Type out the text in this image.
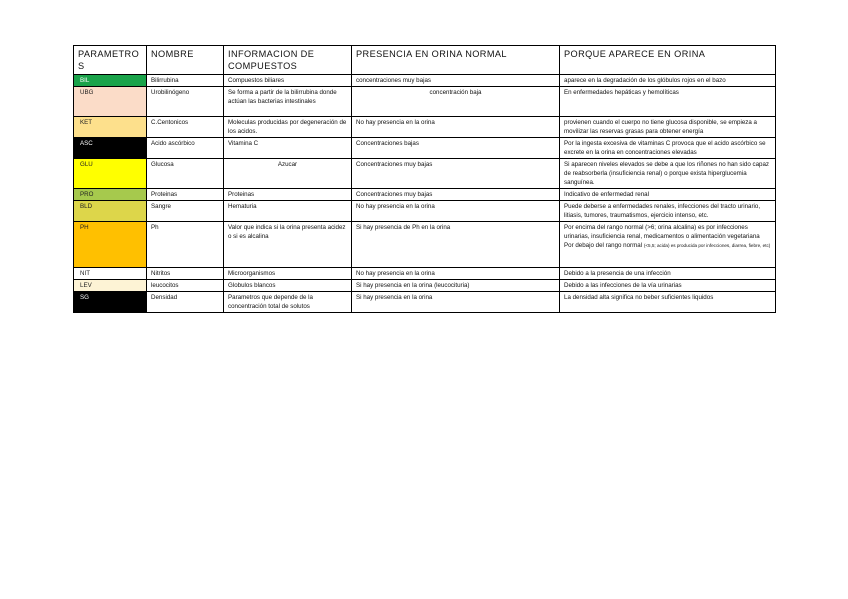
PARAMETROS	NOMBRE	INFORMACION DE COMPUESTOS	PRESENCIA EN ORINA NORMAL	PORQUE APARECE EN ORINA
BIL	Bilirrubina	Compuestos biliares	concentraciones muy bajas	aparece en la degradación de los glóbulos rojos en el bazo

UBG	Urobilinógeno	Se forma a partir de la bilirrubina donde actúan las bacterias intestinales	concentración baja	En enfermedades hepáticas y hemolíticas

KET	C.Centonicos	Moleculas producidas por degeneración de los acidos.	No hay presencia en la orina	provienen cuando el cuerpo no tiene glucosa disponible, se empieza a movilizar las reservas grasas para obtener energía

ASC	Acido ascórbico	Vitamina C	Concentraciones bajas	Por la ingesta excesiva de vitaminas C provoca que el acido ascórbico se excrete en la orina en concentraciones elevadas

GLU	Glucosa	Azucar	Concentraciones muy bajas	Si aparecen niveles elevados se debe a que los riñones no han sido capaz de reabsorberla (insuficiencia renal) o porque exista hiperglucemia sanguínea.

PRO	Proteinas	Proteinas	Concentraciones muy bajas	Indicativo de enfermedad renal

BLD	Sangre	Hematuria	No hay presencia en la orina	Puede deberse a enfermedades renales, infecciones del tracto urinario, litiasis, tumores, traumatismos, ejercicio intenso, etc.

PH	Ph	Valor que indica si la orina presenta acidez o si es alcalina	Si hay presencia de Ph en la orina	Por encima del rango normal (>6; orina alcalina) es por infecciones urinarias, insuficiencia renal, medicamentos o alimentación vegetariana
Por debajo del rango normal (<5,5; acida) es producida por infecciones, diarrea, fiebre, etc)

NIT	Nitritos	Microorganismos	No hay presencia en la orina	Debido a la presencia de una infección

LEV	leucocitos	Globulos blancos	Si hay presencia en la orina (leucocituria)	Debido a las infecciones de la vía urinarias

SG	Densidad	Parametros que depende de la concentración total de solutos	Si hay presencia en la orina	La densidad alta significa no beber suficientes liquidos
